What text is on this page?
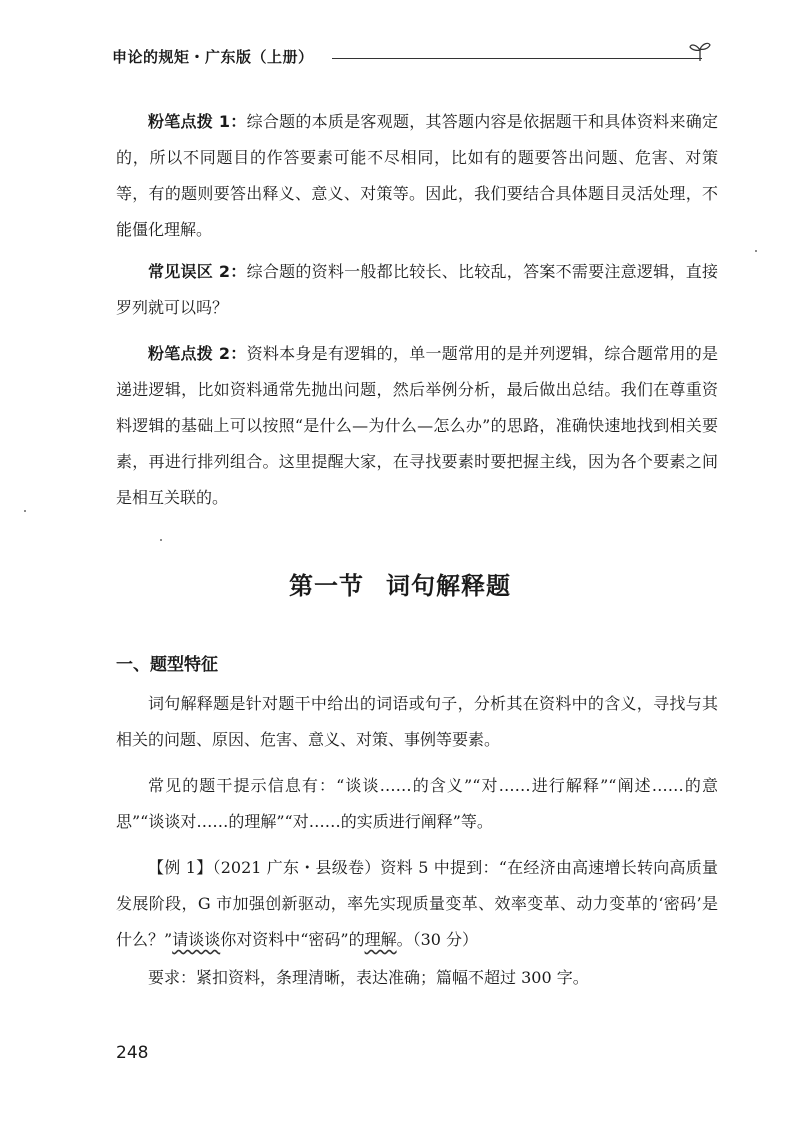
申论的规矩・广东版（上册）

粉笔点拨 1：综合题的本质是客观题，其答题内容是依据题干和具体资料来确定的，所以不同题目的作答要素可能不尽相同，比如有的题要答出问题、危害、对策等，有的题则要答出释义、意义、对策等。因此，我们要结合具体题目灵活处理，不能僵化理解。

常见误区 2：综合题的资料一般都比较长、比较乱，答案不需要注意逻辑，直接罗列就可以吗？

粉笔点拨 2：资料本身是有逻辑的，单一题常用的是并列逻辑，综合题常用的是递进逻辑，比如资料通常先抛出问题，然后举例分析，最后做出总结。我们在尊重资料逻辑的基础上可以按照“是什么—为什么—怎么办”的思路，准确快速地找到相关要素，再进行排列组合。这里提醒大家，在寻找要素时要把握主线，因为各个要素之间是相互关联的。

第一节 词句解释题
一、题型特征

词句解释题是针对题干中给出的词语或句子，分析其在资料中的含义，寻找与其相关的问题、原因、危害、意义、对策、事例等要素。

常见的题干提示信息有：“谈谈……的含义”“对……进行解释”“阐述……的意思”“谈谈对……的理解”“对……的实质进行阐释”等。

【例 1】（2021 广东・县级卷）资料 5 中提到：“在经济由高速增长转向高质量发展阶段，G 市加强创新驱动，率先实现质量变革、效率变革、动力变革的‘密码’是什么？”请谈谈你对资料中“密码”的理解。（30 分）

要求：紧扣资料，条理清晰，表达准确；篇幅不超过 300 字。

248
